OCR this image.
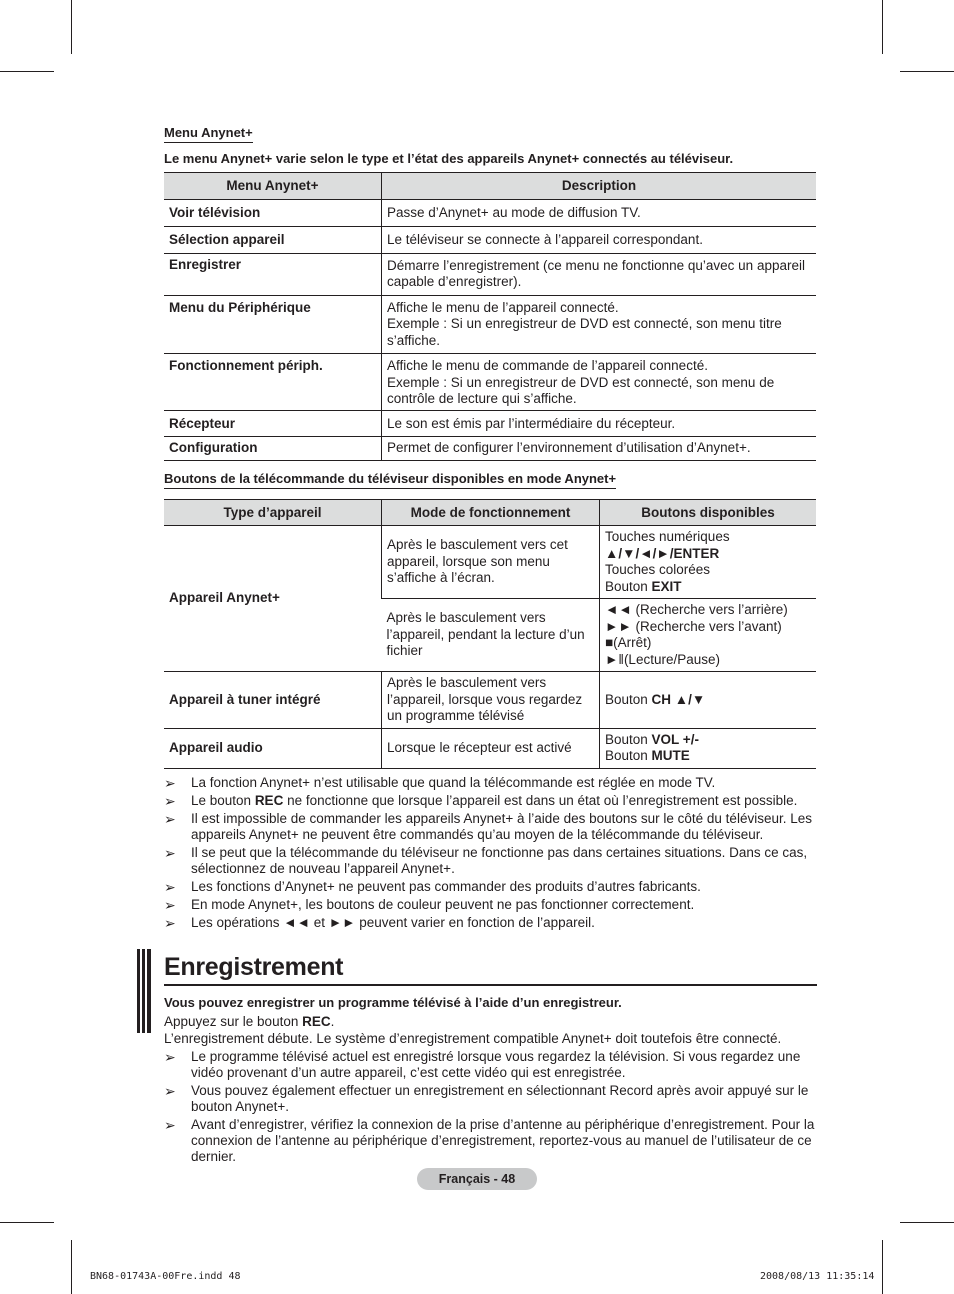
Menu Anynet+
Le menu Anynet+ varie selon le type et l’état des appareils Anynet+ connectés au téléviseur.
Menu Anynet+	Description
Voir télévision	Passe d’Anynet+ au mode de diffusion TV.
Sélection appareil	Le téléviseur se connecte à l’appareil correspondant.
Enregistrer	Démarre l’enregistrement (ce menu ne fonctionne qu’avec un appareil capable d’enregistrer).
Menu du Périphérique	Affiche le menu de l’appareil connecté.
Exemple : Si un enregistreur de DVD est connecté, son menu titre s’affiche.

Fonctionnement périph.	Affiche le menu de commande de l’appareil connecté.
Exemple : Si un enregistreur de DVD est connecté, son menu de contrôle de lecture qui s’affiche.

Récepteur	Le son est émis par l’intermédiaire du récepteur.
Configuration	Permet de configurer l’environnement d’utilisation d’Anynet+.
Boutons de la télécommande du téléviseur disponibles en mode Anynet+
Type d’appareil	Mode de fonctionnement	Boutons disponibles
Appareil Anynet+	Après le basculement vers cet appareil, lorsque son menu s’affiche à l’écran.	Touches numériques
▲/▼/◄/►/ENTER
Touches colorées
Bouton EXIT

	Après le basculement vers l’appareil, pendant la lecture d’un fichier	◄◄ (Recherche vers l’arrière)
►► (Recherche vers l’avant)
■(Arrêt)
►‖(Lecture/Pause)

Appareil à tuner intégré	Après le basculement vers l’appareil, lorsque vous regardez un programme télévisé	Bouton CH ▲/▼
Appareil audio	Lorsque le récepteur est activé	Bouton VOL +/-
Bouton MUTE
➢ La fonction Anynet+ n’est utilisable que quand la télécommande est réglée en mode TV.
➢ Le bouton REC ne fonctionne que lorsque l’appareil est dans un état où l’enregistrement est possible.
➢ Il est impossible de commander les appareils Anynet+ à l’aide des boutons sur le côté du téléviseur. Les appareils Anynet+ ne peuvent être commandés qu’au moyen de la télécommande du téléviseur.
➢ Il se peut que la télécommande du téléviseur ne fonctionne pas dans certaines situations. Dans ce cas, sélectionnez de nouveau l’appareil Anynet+.
➢ Les fonctions d’Anynet+ ne peuvent pas commander des produits d’autres fabricants.
➢ En mode Anynet+, les boutons de couleur peuvent ne pas fonctionner correctement.
➢ Les opérations ◄◄ et ►► peuvent varier en fonction de l’appareil.
Enregistrement
Vous pouvez enregistrer un programme télévisé à l’aide d’un enregistreur.
Appuyez sur le bouton REC.
L’enregistrement débute. Le système d’enregistrement compatible Anynet+ doit toutefois être connecté.
➢ Le programme télévisé actuel est enregistré lorsque vous regardez la télévision. Si vous regardez une vidéo provenant d’un autre appareil, c’est cette vidéo qui est enregistrée.
➢ Vous pouvez également effectuer un enregistrement en sélectionnant Record après avoir appuyé sur le bouton Anynet+.
➢ Avant d’enregistrer, vérifiez la connexion de la prise d’antenne au périphérique d’enregistrement. Pour la connexion de l’antenne au périphérique d’enregistrement, reportez-vous au manuel de l’utilisateur de ce dernier.
Français - 48
BN68-01743A-00Fre.indd 48	2008/08/13 11:35:14
